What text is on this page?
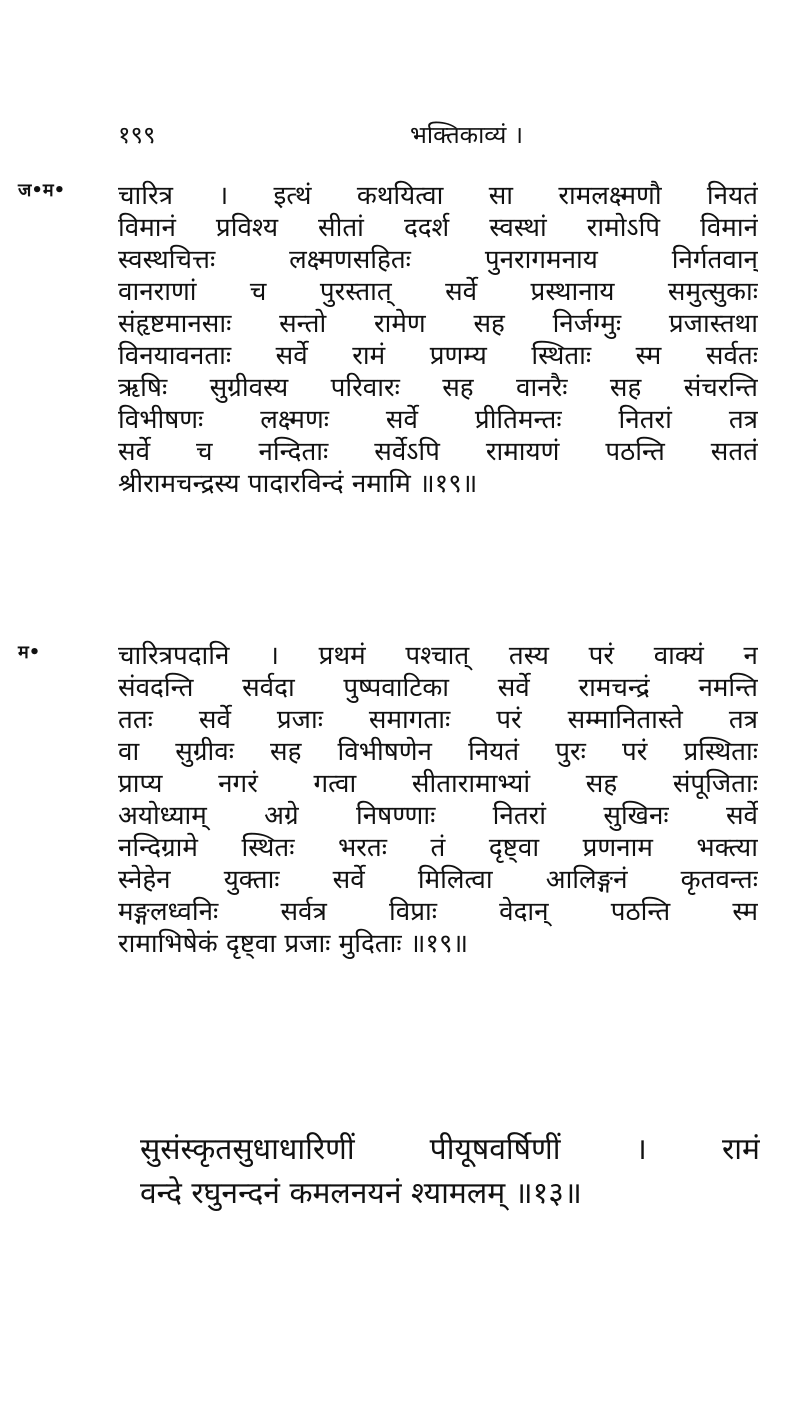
१९९	भक्तिकाव्यं ।
ज•म• चारित्र । इत्थं कथयित्वा सा रामलक्ष्मणौ नियतं
विमानं प्रविश्य सीतां ददर्श स्वस्थां रामोऽपि विमानं
स्वस्थचित्तः लक्ष्मणसहितः पुनरागमनाय निर्गतवान्
वानराणां च पुरस्तात् सर्वे प्रस्थानाय समुत्सुकाः
संहृष्टमानसाः सन्तो रामेण सह निर्जग्मुः प्रजास्तथा
विनयावनताः सर्वे रामं प्रणम्य स्थिताः स्म सर्वतः
ऋषिः सुग्रीवस्य परिवारः सह वानरैः सह संचरन्ति
विभीषणः लक्ष्मणः सर्वे प्रीतिमन्तः नितरां तत्र
सर्वे च नन्दिताः सर्वेऽपि रामायणं पठन्ति सततं
श्रीरामचन्द्रस्य पादारविन्दं नमामि ॥१९॥
म•	चारित्रपदानि । प्रथमं पश्चात् तस्य परं वाक्यं न
संवदन्ति सर्वदा पुष्पवाटिका सर्वे रामचन्द्रं नमन्ति
ततः सर्वे प्रजाः समागताः परं सम्मानितास्ते तत्र
वा सुग्रीवः सह विभीषणेन नियतं पुरः परं प्रस्थिताः
प्राप्य नगरं गत्वा सीतारामाभ्यां सह संपूजिताः
अयोध्याम् अग्रे निषण्णाः नितरां सुखिनः सर्वे
नन्दिग्रामे स्थितः भरतः तं दृष्ट्वा प्रणनाम भक्त्या
स्नेहेन युक्ताः सर्वे मिलित्वा आलिङ्गनं कृतवन्तः
मङ्गलध्वनिः सर्वत्र विप्राः वेदान् पठन्ति स्म
रामाभिषेकं दृष्ट्वा प्रजाः मुदिताः ॥१९॥
सुसंस्कृतसुधाधारिणीं पीयूषवर्षिणीं । रामं
वन्दे रघुनन्दनं कमलनयनं श्यामलम् ॥१३॥
